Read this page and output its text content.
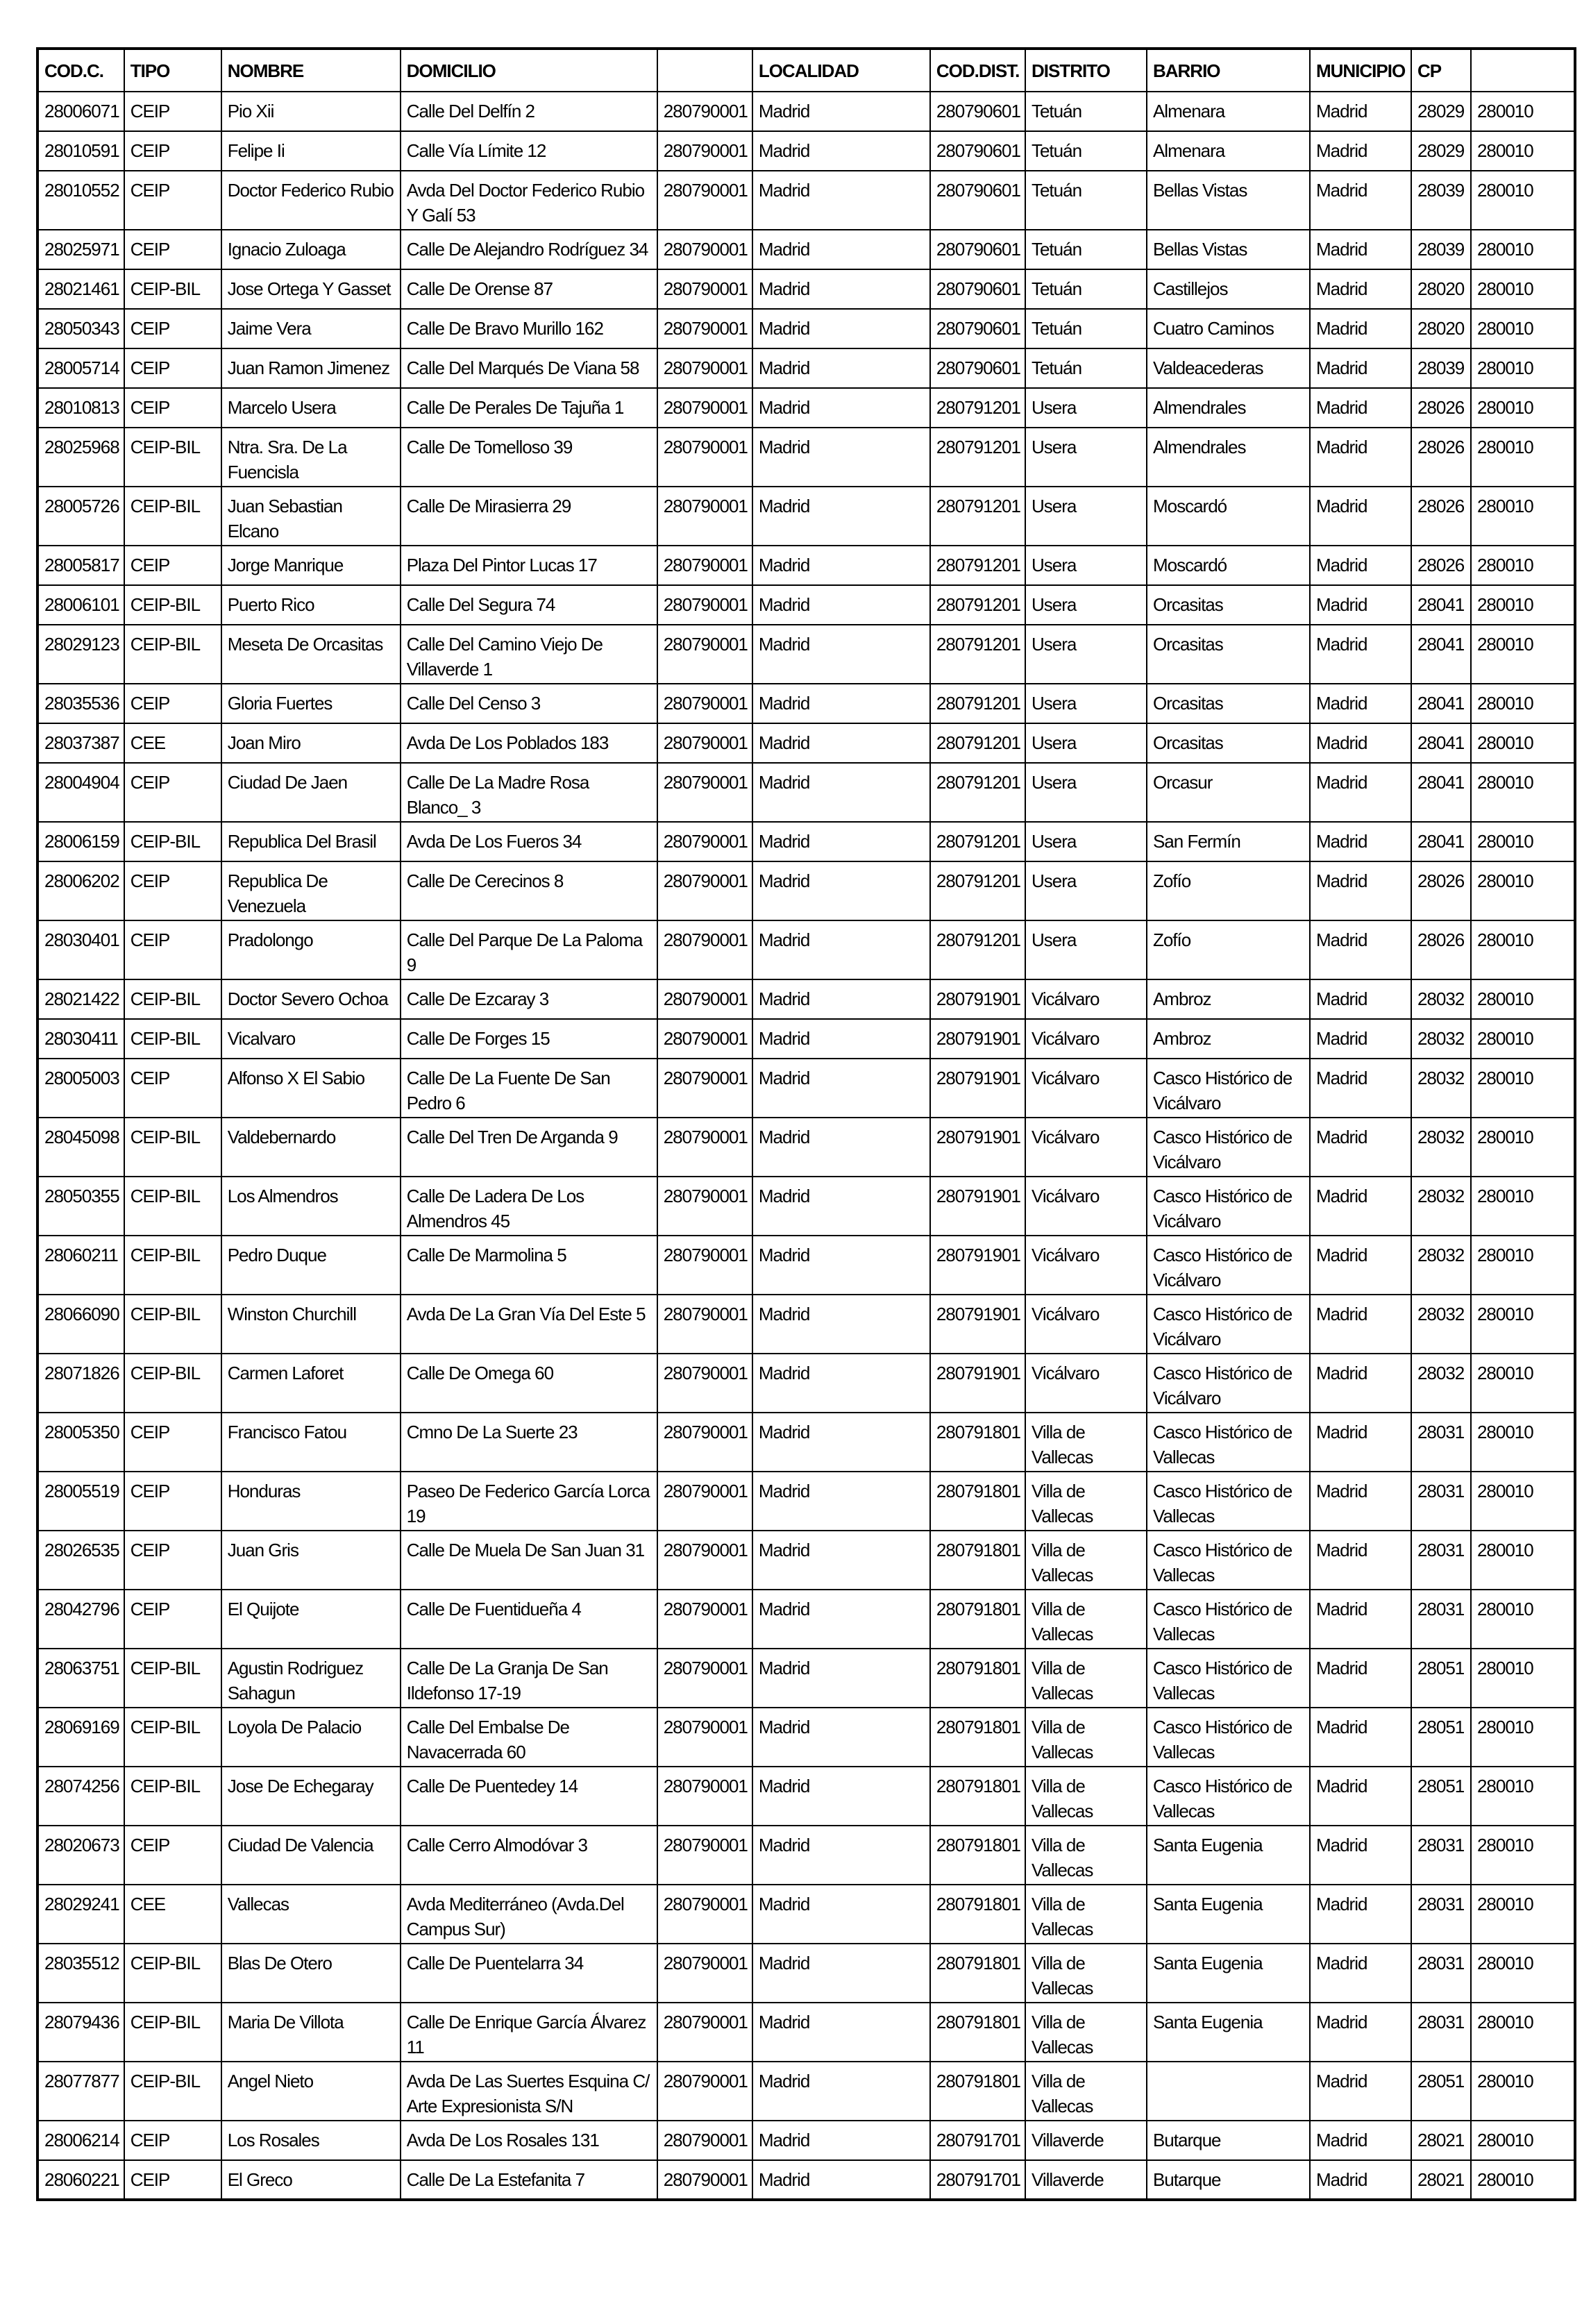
COD.C.	TIPO	NOMBRE	DOMICILIO		LOCALIDAD	COD.DIST.	DISTRITO	BARRIO	MUNICIPIO	CP	
28006071	CEIP	Pio Xii	Calle Del Delfín 2	280790001	Madrid	280790601	Tetuán	Almenara	Madrid	28029	280010
28010591	CEIP	Felipe Ii	Calle Vía Límite 12	280790001	Madrid	280790601	Tetuán	Almenara	Madrid	28029	280010
28010552	CEIP	Doctor Federico Rubio	Avda Del Doctor Federico Rubio Y Galí 53	280790001	Madrid	280790601	Tetuán	Bellas Vistas	Madrid	28039	280010
28025971	CEIP	Ignacio Zuloaga	Calle De Alejandro Rodríguez 34	280790001	Madrid	280790601	Tetuán	Bellas Vistas	Madrid	28039	280010
28021461	CEIP-BIL	Jose Ortega Y Gasset	Calle De Orense 87	280790001	Madrid	280790601	Tetuán	Castillejos	Madrid	28020	280010
28050343	CEIP	Jaime Vera	Calle De Bravo Murillo 162	280790001	Madrid	280790601	Tetuán	Cuatro Caminos	Madrid	28020	280010
28005714	CEIP	Juan Ramon Jimenez	Calle Del Marqués De Viana 58	280790001	Madrid	280790601	Tetuán	Valdeacederas	Madrid	28039	280010
28010813	CEIP	Marcelo Usera	Calle De Perales De Tajuña 1	280790001	Madrid	280791201	Usera	Almendrales	Madrid	28026	280010
28025968	CEIP-BIL	Ntra. Sra. De La Fuencisla	Calle De Tomelloso 39	280790001	Madrid	280791201	Usera	Almendrales	Madrid	28026	280010
28005726	CEIP-BIL	Juan Sebastian Elcano	Calle De Mirasierra 29	280790001	Madrid	280791201	Usera	Moscardó	Madrid	28026	280010
28005817	CEIP	Jorge Manrique	Plaza Del Pintor Lucas 17	280790001	Madrid	280791201	Usera	Moscardó	Madrid	28026	280010
28006101	CEIP-BIL	Puerto Rico	Calle Del Segura 74	280790001	Madrid	280791201	Usera	Orcasitas	Madrid	28041	280010
28029123	CEIP-BIL	Meseta De Orcasitas	Calle Del Camino Viejo De Villaverde 1	280790001	Madrid	280791201	Usera	Orcasitas	Madrid	28041	280010
28035536	CEIP	Gloria Fuertes	Calle Del Censo 3	280790001	Madrid	280791201	Usera	Orcasitas	Madrid	28041	280010
28037387	CEE	Joan Miro	Avda De Los Poblados 183	280790001	Madrid	280791201	Usera	Orcasitas	Madrid	28041	280010
28004904	CEIP	Ciudad De Jaen	Calle De La Madre Rosa Blanco_ 3	280790001	Madrid	280791201	Usera	Orcasur	Madrid	28041	280010
28006159	CEIP-BIL	Republica Del Brasil	Avda De Los Fueros 34	280790001	Madrid	280791201	Usera	San Fermín	Madrid	28041	280010
28006202	CEIP	Republica De Venezuela	Calle De Cerecinos 8	280790001	Madrid	280791201	Usera	Zofío	Madrid	28026	280010
28030401	CEIP	Pradolongo	Calle Del Parque De La Paloma 9	280790001	Madrid	280791201	Usera	Zofío	Madrid	28026	280010
28021422	CEIP-BIL	Doctor Severo Ochoa	Calle De Ezcaray 3	280790001	Madrid	280791901	Vicálvaro	Ambroz	Madrid	28032	280010
28030411	CEIP-BIL	Vicalvaro	Calle De Forges 15	280790001	Madrid	280791901	Vicálvaro	Ambroz	Madrid	28032	280010
28005003	CEIP	Alfonso X El Sabio	Calle De La Fuente De San Pedro 6	280790001	Madrid	280791901	Vicálvaro	Casco Histórico de Vicálvaro	Madrid	28032	280010
28045098	CEIP-BIL	Valdebernardo	Calle Del Tren De Arganda 9	280790001	Madrid	280791901	Vicálvaro	Casco Histórico de Vicálvaro	Madrid	28032	280010
28050355	CEIP-BIL	Los Almendros	Calle De Ladera De Los Almendros 45	280790001	Madrid	280791901	Vicálvaro	Casco Histórico de Vicálvaro	Madrid	28032	280010
28060211	CEIP-BIL	Pedro Duque	Calle De Marmolina 5	280790001	Madrid	280791901	Vicálvaro	Casco Histórico de Vicálvaro	Madrid	28032	280010
28066090	CEIP-BIL	Winston Churchill	Avda De La Gran Vía Del Este 5	280790001	Madrid	280791901	Vicálvaro	Casco Histórico de Vicálvaro	Madrid	28032	280010
28071826	CEIP-BIL	Carmen Laforet	Calle De Omega 60	280790001	Madrid	280791901	Vicálvaro	Casco Histórico de Vicálvaro	Madrid	28032	280010
28005350	CEIP	Francisco Fatou	Cmno De La Suerte 23	280790001	Madrid	280791801	Villa de Vallecas	Casco Histórico de Vallecas	Madrid	28031	280010
28005519	CEIP	Honduras	Paseo De Federico García Lorca 19	280790001	Madrid	280791801	Villa de Vallecas	Casco Histórico de Vallecas	Madrid	28031	280010
28026535	CEIP	Juan Gris	Calle De Muela De San Juan 31	280790001	Madrid	280791801	Villa de Vallecas	Casco Histórico de Vallecas	Madrid	28031	280010
28042796	CEIP	El Quijote	Calle De Fuentidueña 4	280790001	Madrid	280791801	Villa de Vallecas	Casco Histórico de Vallecas	Madrid	28031	280010
28063751	CEIP-BIL	Agustin Rodriguez Sahagun	Calle De La Granja De San Ildefonso 17-19	280790001	Madrid	280791801	Villa de Vallecas	Casco Histórico de Vallecas	Madrid	28051	280010
28069169	CEIP-BIL	Loyola De Palacio	Calle Del Embalse De Navacerrada 60	280790001	Madrid	280791801	Villa de Vallecas	Casco Histórico de Vallecas	Madrid	28051	280010
28074256	CEIP-BIL	Jose De Echegaray	Calle De Puentedey 14	280790001	Madrid	280791801	Villa de Vallecas	Casco Histórico de Vallecas	Madrid	28051	280010
28020673	CEIP	Ciudad De Valencia	Calle Cerro Almodóvar 3	280790001	Madrid	280791801	Villa de Vallecas	Santa Eugenia	Madrid	28031	280010
28029241	CEE	Vallecas	Avda Mediterráneo (Avda.Del Campus Sur)	280790001	Madrid	280791801	Villa de Vallecas	Santa Eugenia	Madrid	28031	280010
28035512	CEIP-BIL	Blas De Otero	Calle De Puentelarra 34	280790001	Madrid	280791801	Villa de Vallecas	Santa Eugenia	Madrid	28031	280010
28079436	CEIP-BIL	Maria De Villota	Calle De Enrique García Álvarez 11	280790001	Madrid	280791801	Villa de Vallecas	Santa Eugenia	Madrid	28031	280010
28077877	CEIP-BIL	Angel Nieto	Avda De Las Suertes Esquina C/ Arte Expresionista S/N	280790001	Madrid	280791801	Villa de Vallecas		Madrid	28051	280010
28006214	CEIP	Los Rosales	Avda De Los Rosales 131	280790001	Madrid	280791701	Villaverde	Butarque	Madrid	28021	280010
28060221	CEIP	El Greco	Calle De La Estefanita 7	280790001	Madrid	280791701	Villaverde	Butarque	Madrid	28021	280010
